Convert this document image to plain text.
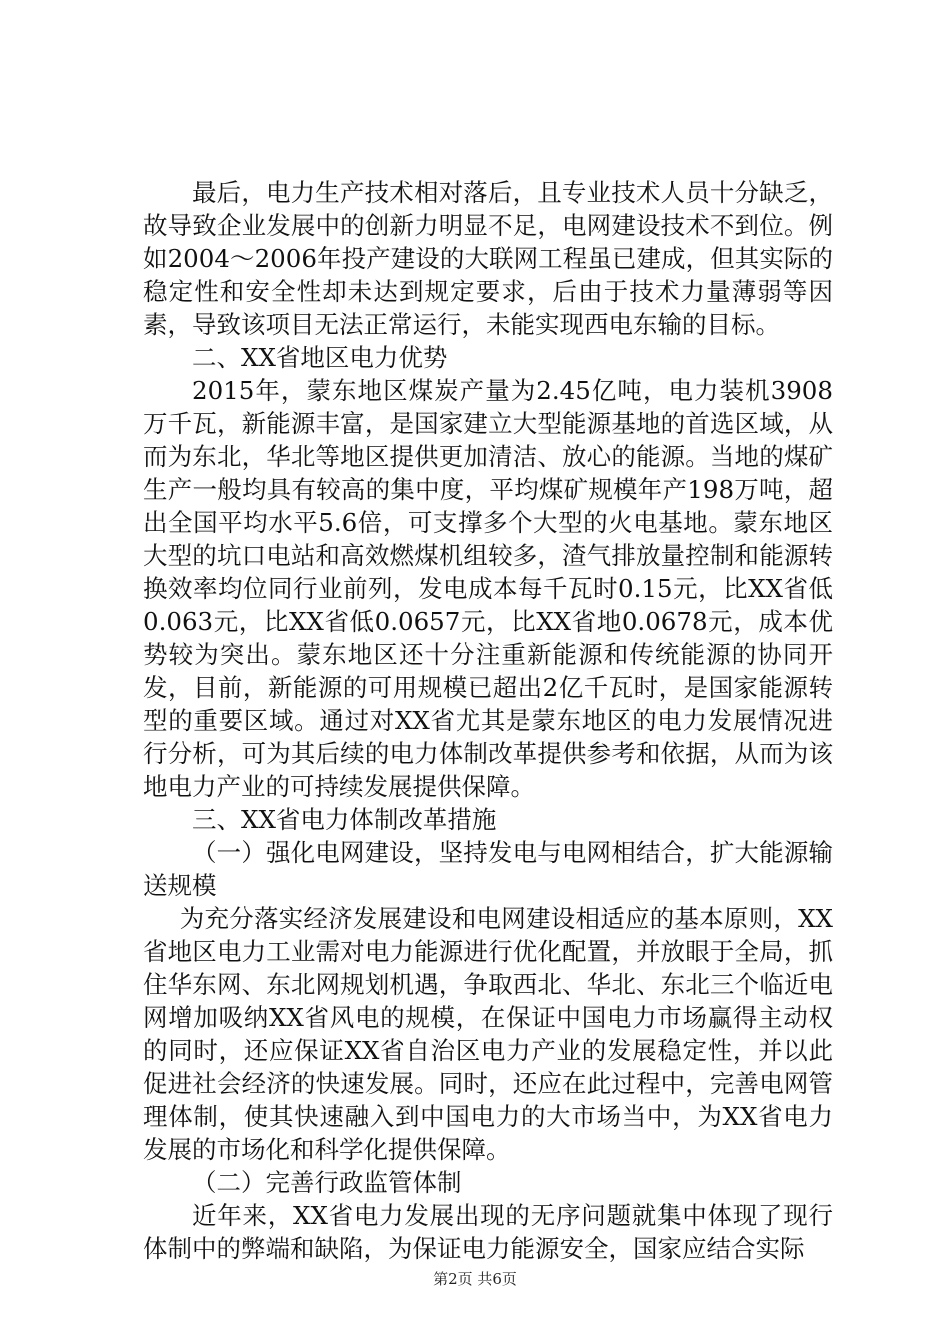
最后，电力生产技术相对落后，且专业技术人员十分缺乏，故导致企业发展中的创新力明显不足，电网建设技术不到位。例如2004～2006年投产建设的大联网工程虽已建成，但其实际的稳定性和安全性却未达到规定要求，后由于技术力量薄弱等因素，导致该项目无法正常运行，未能实现西电东输的目标。

二、XX省地区电力优势

2015年，蒙东地区煤炭产量为2.45亿吨，电力装机3908万千瓦，新能源丰富，是国家建立大型能源基地的首选区域，从而为东北，华北等地区提供更加清洁、放心的能源。当地的煤矿生产一般均具有较高的集中度，平均煤矿规模年产198万吨，超出全国平均水平5.6倍，可支撑多个大型的火电基地。蒙东地区大型的坑口电站和高效燃煤机组较多，渣气排放量控制和能源转换效率均位同行业前列，发电成本每千瓦时0.15元，比XX省低0.063元，比XX省低0.0657元，比XX省地0.0678元，成本优势较为突出。蒙东地区还十分注重新能源和传统能源的协同开发，目前，新能源的可用规模已超出2亿千瓦时，是国家能源转型的重要区域。通过对XX省尤其是蒙东地区的电力发展情况进行分析，可为其后续的电力体制改革提供参考和依据，从而为该地电力产业的可持续发展提供保障。

三、XX省电力体制改革措施

（一）强化电网建设，坚持发电与电网相结合，扩大能源输送规模

为充分落实经济发展建设和电网建设相适应的基本原则，XX省地区电力工业需对电力能源进行优化配置，并放眼于全局，抓住华东网、东北网规划机遇，争取西北、华北、东北三个临近电网增加吸纳XX省风电的规模，在保证中国电力市场赢得主动权的同时，还应保证XX省自治区电力产业的发展稳定性，并以此促进社会经济的快速发展。同时，还应在此过程中，完善电网管理体制，使其快速融入到中国电力的大市场当中，为XX省电力发展的市场化和科学化提供保障。

（二）完善行政监管体制

近年来，XX省电力发展出现的无序问题就集中体现了现行体制中的弊端和缺陷，为保证电力能源安全，国家应结合实际

第2页 共6页
